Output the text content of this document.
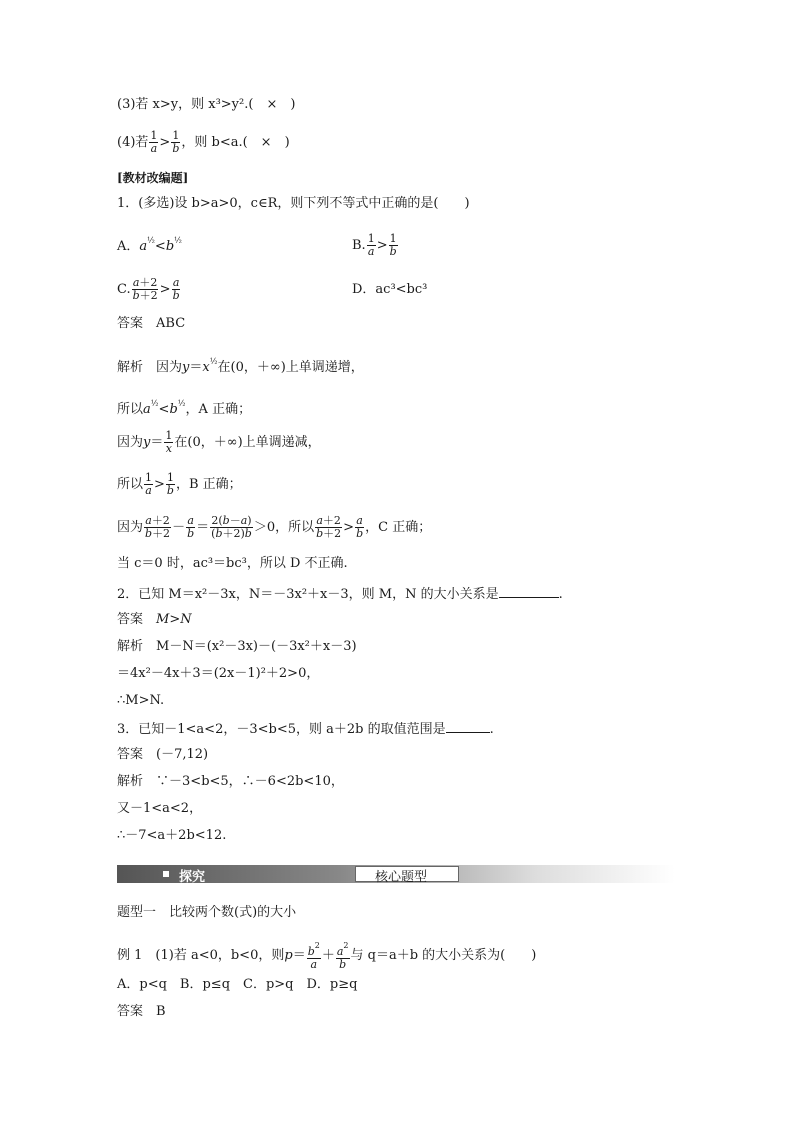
(3)若 x>y，则 x³>y².(　×　)
(4)若 $\frac{1}{a} > \frac{1}{b}$ ，则 b<a.(　×　)
[教材改编题]
1．(多选)设 b>a>0，c∈R，则下列不等式中正确的是(　　)
A．$a^{\frac{1}{2}}<b^{\frac{1}{2}}$	B. $\frac{1}{a} > \frac{1}{b}$
C. $\frac{a+2}{b+2} > \frac{a}{b}$	D．ac³<bc³
答案　 ABC
解析　 因为$y=x^{\frac{1}{2}}$在(0，＋∞)上单调递增，
所以$a^{\frac{1}{2}}<b^{\frac{1}{2}}$，A 正确；
因为$y= \frac{1}{x}$ 在(0，＋∞)上单调递减，
所以 $\frac{1}{a} > \frac{1}{b}$ ，B 正确；
因为 $\frac{a+2}{b+2} - \frac{a}{b} = \frac{2(b-a)}{(b+2)b} >0$，所以 $\frac{a+2}{b+2} > \frac{a}{b}$ ，C 正确；
当 c＝0 时，ac³＝bc³，所以 D 不正确.
2．已知 M＝x²－3x，N＝－3x²＋x－3，则 M，N 的大小关系是	.
答案　 M>N
解析　 M－N＝(x²－3x)－(－3x²＋x－3)
＝4x²－4x＋3＝(2x－1)²＋2>0，
∴M>N.
3．已知－1<a<2，－3<b<5，则 a＋2b 的取值范围是	.
答案　 (－7,12)
解析　 ∵－3<b<5，∴－6<2b<10，
又－1<a<2，
∴－7<a＋2b<12.
探究	核心题型
题型一　比较两个数(式)的大小
例 1　(1)若 a<0，b<0，则$p= \frac{b^2}{a} + \frac{a^2}{b}$ 与 q＝a＋b 的大小关系为(　　)
A．p<q　B．p≤q　C．p>q　D．p≥q
答案　 B
